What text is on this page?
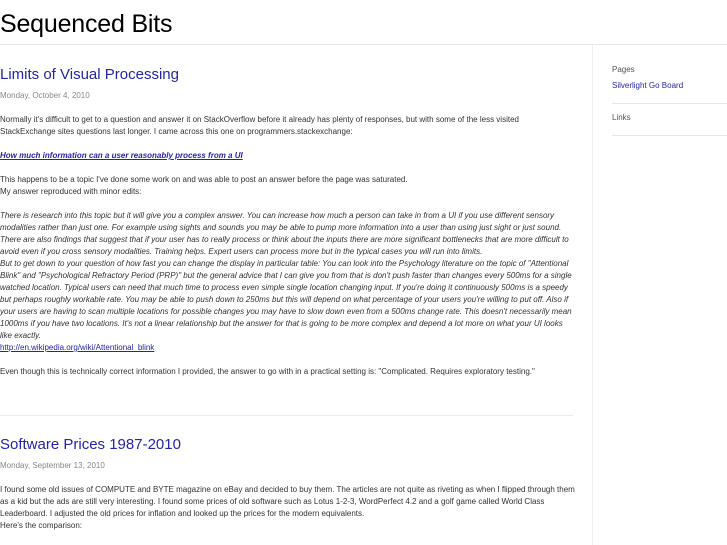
Sequenced Bits
Limits of Visual Processing
Monday, October 4, 2010

Normally it's difficult to get to a question and answer it on StackOverflow before it already has plenty of responses, but with some of the less visited StackExchange sites questions last longer. I came across this one on programmers.stackexchange:

How much information can a user reasonably process from a UI

This happens to be a topic I've done some work on and was able to post an answer before the page was saturated.

My answer reproduced with minor edits:

There is research into this topic but it will give you a complex answer. You can increase how much a person can take in from a UI if you use different sensory modalities rather than just one. For example using sights and sounds you may be able to pump more information into a user than using just sight or just sound. There are also findings that suggest that if your user has to really process or think about the inputs there are more significant bottlenecks that are more difficult to avoid even if you cross sensory modalities. Training helps. Expert users can process more but in the typical cases you will run into limits.

But to get down to your question of how fast you can change the display in particular table: You can look into the Psychology literature on the topic of "Attentional Blink" and "Psychological Refractory Period (PRP)" but the general advice that I can give you from that is don't push faster than changes every 500ms for a single watched location. Typical users can need that much time to process even simple single location changing input. If you're doing it continuously 500ms is a speedy but perhaps roughly workable rate. You may be able to push down to 250ms but this will depend on what percentage of your users you're willing to put off. Also if your users are having to scan multiple locations for possible changes you may have to slow down even from a 500ms change rate. This doesn't necessarily mean 1000ms if you have two locations. It's not a linear relationship but the answer for that is going to be more complex and depend a lot more on what your UI looks like exactly.

http://en.wikipedia.org/wiki/Attentional_blink

Even though this is technically correct information I provided, the answer to go with in a practical setting is: "Complicated. Requires exploratory testing."

Software Prices 1987-2010
Monday, September 13, 2010

I found some old issues of COMPUTE and BYTE magazine on eBay and decided to buy them. The articles are not quite as riveting as when I flipped through them as a kid but the ads are still very interesting. I found some prices of old software such as Lotus 1-2-3, WordPerfect 4.2 and a golf game called World Class Leaderboard. I adjusted the old prices for inflation and looked up the prices for the modern equivalents.

Here's the comparison:

Pages
Silverlight Go Board
Links
